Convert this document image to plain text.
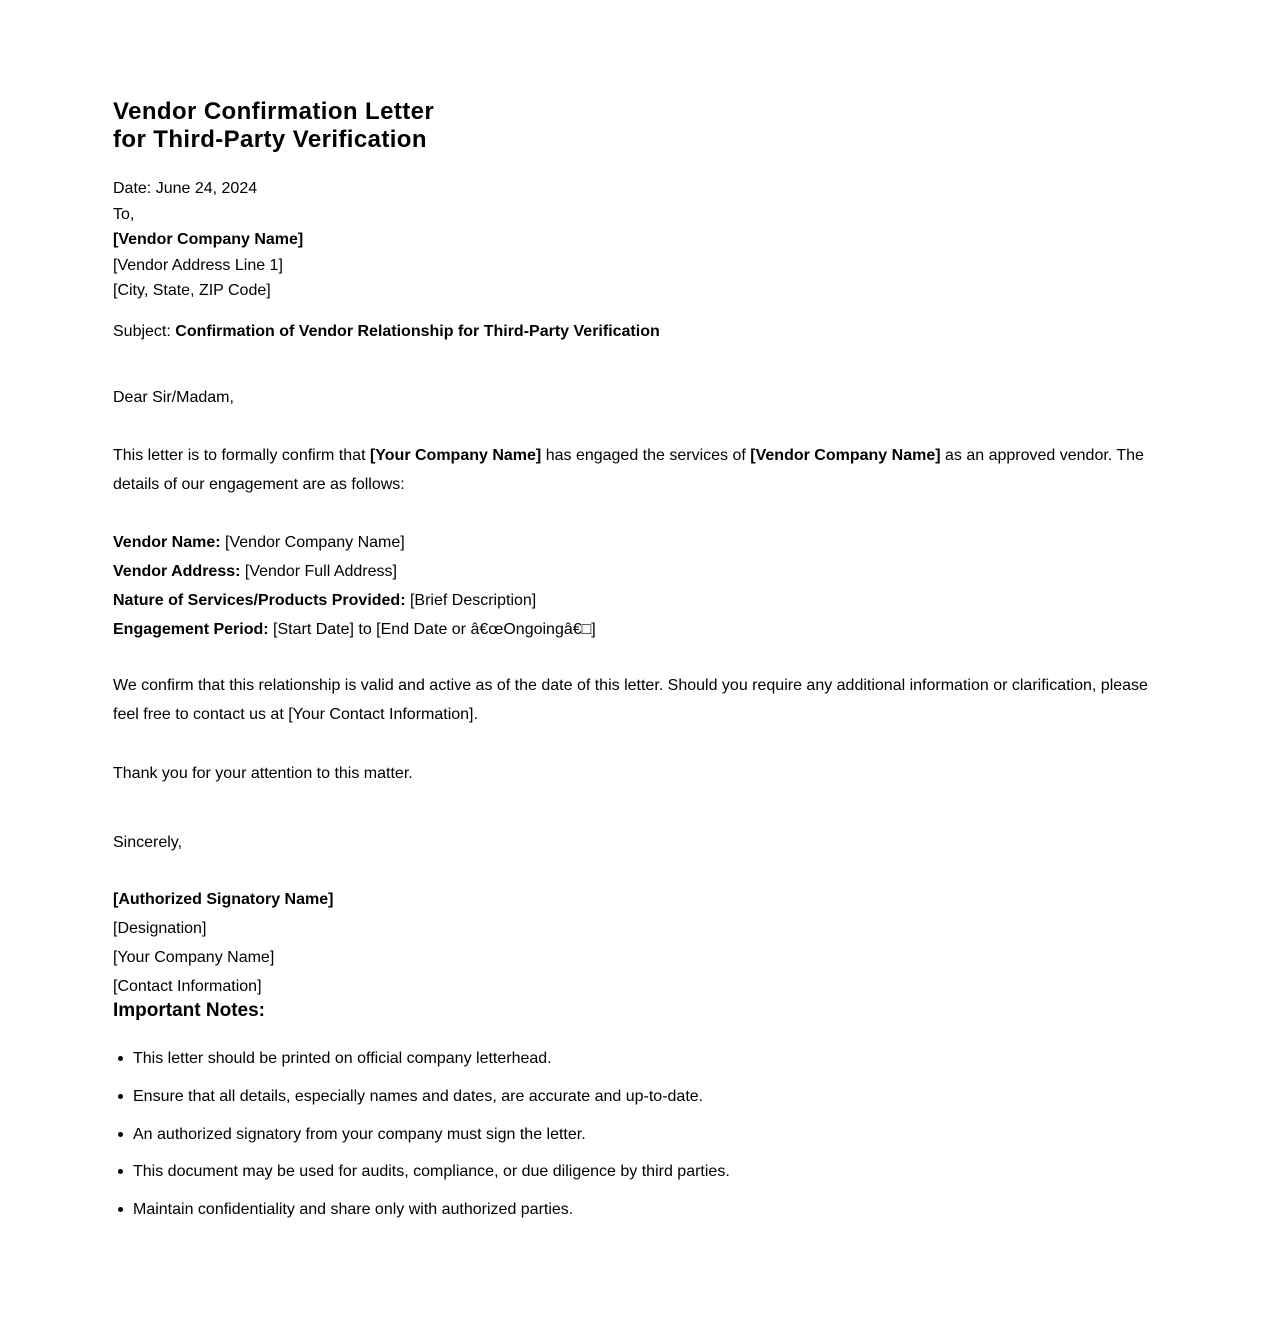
Vendor Confirmation Letter
for Third-Party Verification
Date: June 24, 2024
To,
[Vendor Company Name]
[Vendor Address Line 1]
[City, State, ZIP Code]
Subject: Confirmation of Vendor Relationship for Third-Party Verification
Dear Sir/Madam,
This letter is to formally confirm that [Your Company Name] has engaged the services of [Vendor Company Name] as an approved vendor. The details of our engagement are as follows:
Vendor Name: [Vendor Company Name]
Vendor Address: [Vendor Full Address]
Nature of Services/Products Provided: [Brief Description]
Engagement Period: [Start Date] to [End Date or â€œOngoingâ€□]
We confirm that this relationship is valid and active as of the date of this letter. Should you require any additional information or clarification, please feel free to contact us at [Your Contact Information].
Thank you for your attention to this matter.
Sincerely,
[Authorized Signatory Name]
[Designation]
[Your Company Name]
[Contact Information]
Important Notes:
This letter should be printed on official company letterhead.
Ensure that all details, especially names and dates, are accurate and up-to-date.
An authorized signatory from your company must sign the letter.
This document may be used for audits, compliance, or due diligence by third parties.
Maintain confidentiality and share only with authorized parties.
